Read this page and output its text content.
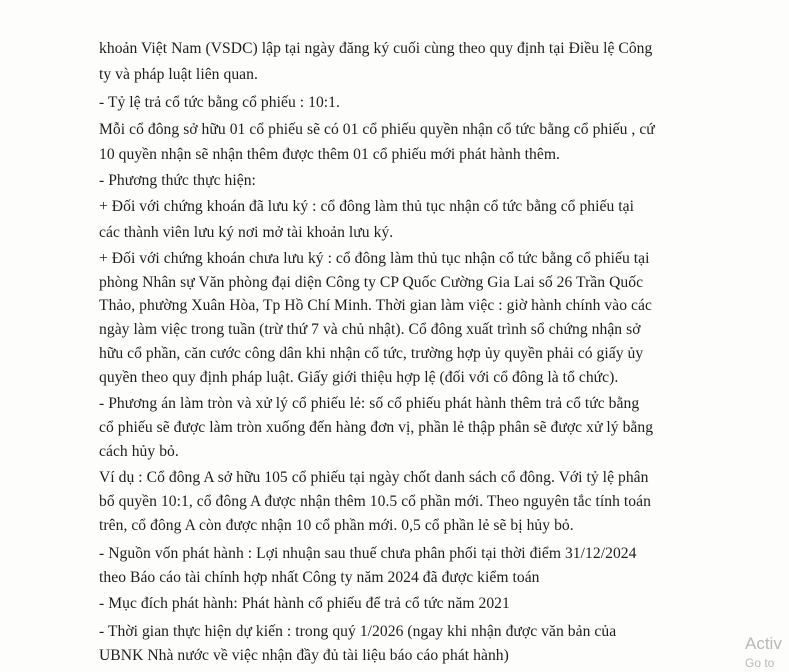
khoản Việt Nam (VSDC) lập tại ngày đăng ký cuối cùng theo quy định tại Điều lệ Công
ty và pháp luật liên quan.
- Tỷ lệ trả cổ tức bằng cổ phiếu : 10:1.
Mỗi cổ đông sở hữu 01 cổ phiếu sẽ có 01 cổ phiếu quyền nhận cổ tức bằng cổ phiếu , cứ
10 quyền nhận sẽ nhận thêm được thêm 01 cổ phiếu mới phát hành thêm.
- Phương thức thực hiện:
+ Đối với chứng khoán đã lưu ký : cổ đông làm thủ tục nhận cổ tức bằng cổ phiếu tại
các thành viên lưu ký nơi mở tài khoản lưu ký.
+ Đối với chứng khoán chưa lưu ký : cổ đông làm thủ tục nhận cổ tức bằng cổ phiếu tại
phòng Nhân sự Văn phòng đại diện Công ty CP Quốc Cường Gia Lai số 26 Trần Quốc
Thảo, phường Xuân Hòa, Tp Hồ Chí Minh. Thời gian làm việc : giờ hành chính vào các
ngày làm việc trong tuần (trừ thứ 7 và chủ nhật). Cổ đông xuất trình sổ chứng nhận sở
hữu cổ phần, căn cước công dân khi nhận cổ tức, trường hợp ủy quyền phải có giấy ủy
quyền theo quy định pháp luật. Giấy giới thiệu hợp lệ (đối với cổ đông là tổ chức).
- Phương án làm tròn và xử lý cổ phiếu lẻ: số cổ phiếu phát hành thêm trả cổ tức bằng
cổ phiếu sẽ được làm tròn xuống đến hàng đơn vị, phần lẻ thập phân sẽ được xử lý bằng
cách hủy bỏ.
Ví dụ : Cổ đông A sở hữu 105 cổ phiếu tại ngày chốt danh sách cổ đông. Với tỷ lệ phân
bổ quyền 10:1, cổ đông A được nhận thêm 10.5 cổ phần mới. Theo nguyên tắc tính toán
trên, cổ đông A còn được nhận 10 cổ phần mới. 0,5 cổ phần lẻ sẽ bị hủy bỏ.
- Nguồn vốn phát hành : Lợi nhuận sau thuế chưa phân phối tại thời điểm 31/12/2024
theo Báo cáo tài chính hợp nhất Công ty năm 2024 đã được kiểm toán
- Mục đích phát hành: Phát hành cổ phiếu để trả cổ tức năm 2021
- Thời gian thực hiện dự kiến : trong quý 1/2026 (ngay khi nhận được văn bản của
UBNK Nhà nước về việc nhận đầy đủ tài liệu báo cáo phát hành)
Activ
Go to
